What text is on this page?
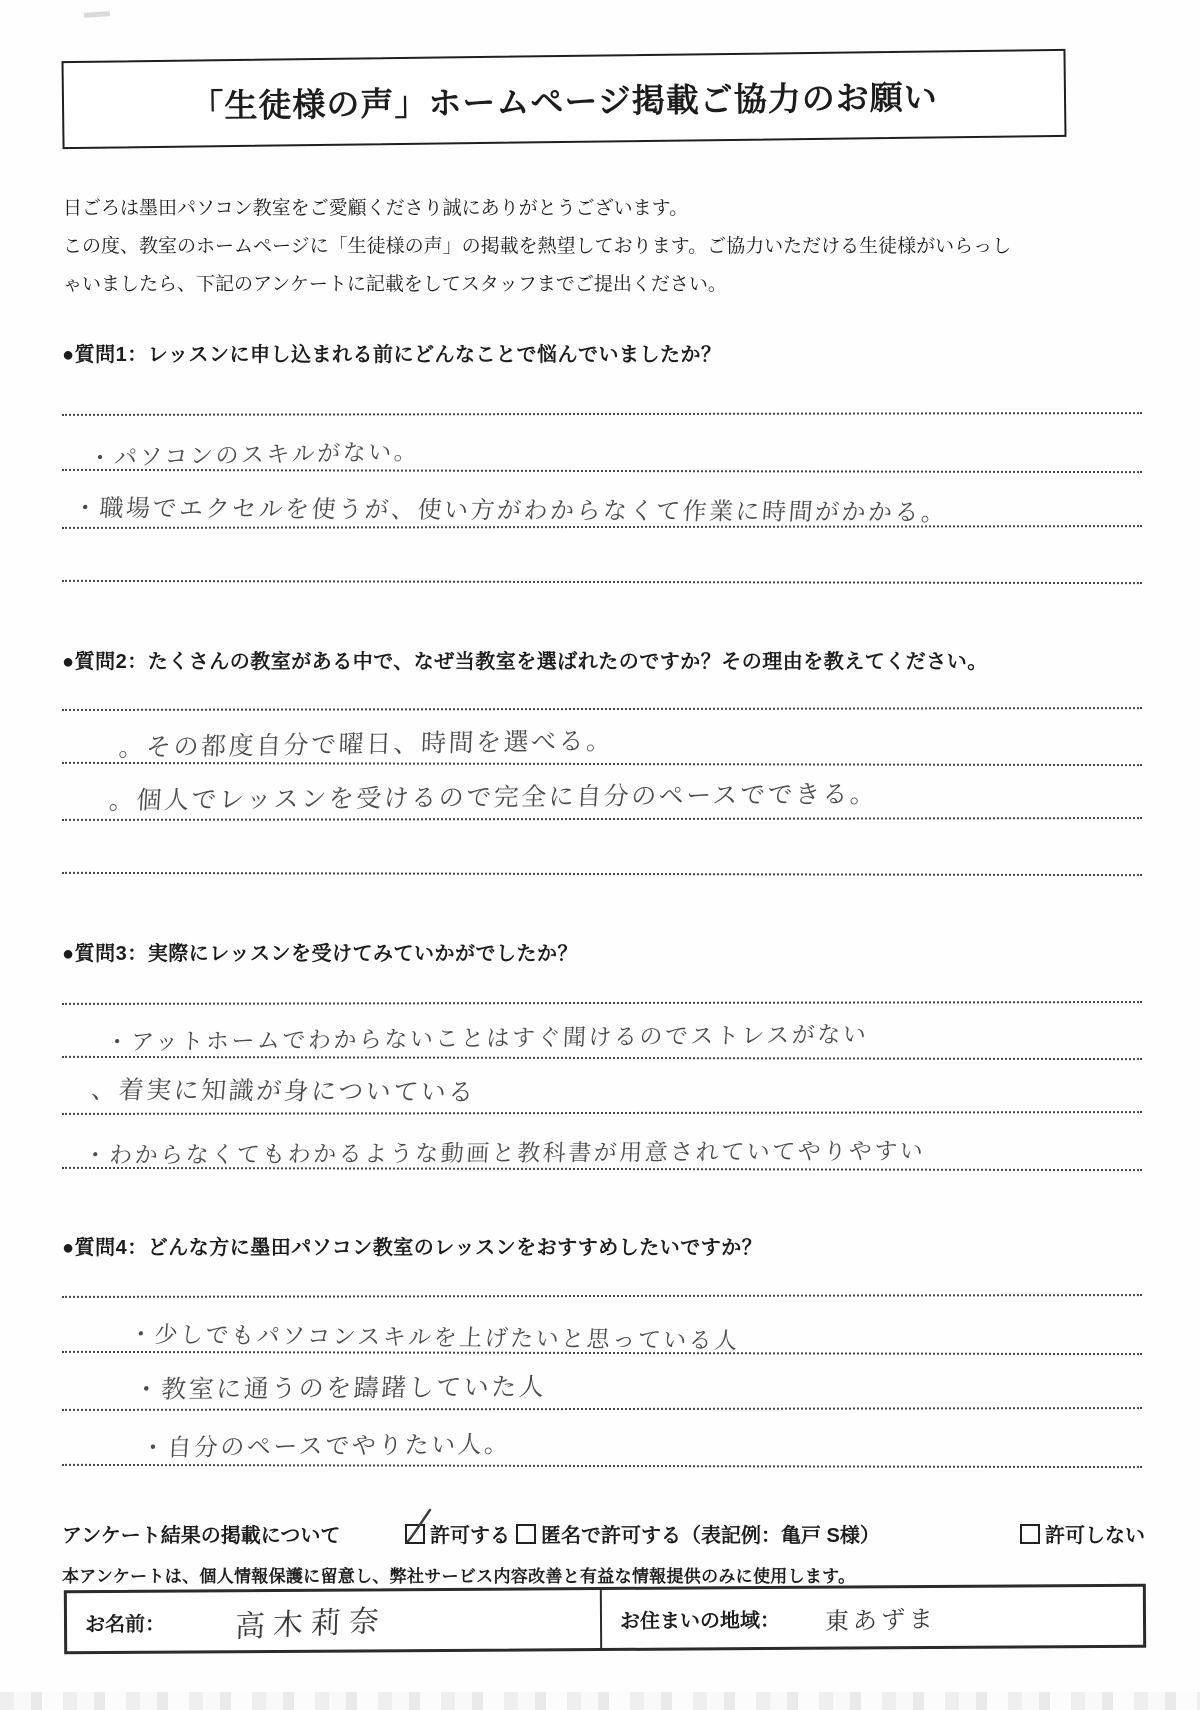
「生徒様の声」ホームページ掲載ご協力のお願い
日ごろは墨田パソコン教室をご愛顧くださり誠にありがとうございます。
この度、教室のホームページに「生徒様の声」の掲載を熱望しております。ご協力いただける生徒様がいらっし
ゃいましたら、下記のアンケートに記載をしてスタッフまでご提出ください。
●質問1：レッスンに申し込まれる前にどんなことで悩んでいましたか？
●質問2：たくさんの教室がある中で、なぜ当教室を選ばれたのですか？その理由を教えてください。
●質問3：実際にレッスンを受けてみていかがでしたか？
●質問4：どんな方に墨田パソコン教室のレッスンをおすすめしたいですか？
・パソコンのスキルがない。
・職場でエクセルを使うが、使い方がわからなくて作業に時間がかかる。
。その都度自分で曜日、時間を選べる。
。個人でレッスンを受けるので完全に自分のペースでできる。
・アットホームでわからないことはすぐ聞けるのでストレスがない
、着実に知識が身についている
・わからなくてもわかるような動画と教科書が用意されていてやりやすい
・少しでもパソコンスキルを上げたいと思っている人
・教室に通うのを躊躇していた人
・自分のペースでやりたい人。
アンケート結果の掲載について	許可する 匿名で許可する（表記例：亀戸 S様）	許可しない
本アンケートは、個人情報保護に留意し、弊社サービス内容改善と有益な情報提供のみに使用します。
お名前： 高木莉奈	お住まいの地域： 東あずま
